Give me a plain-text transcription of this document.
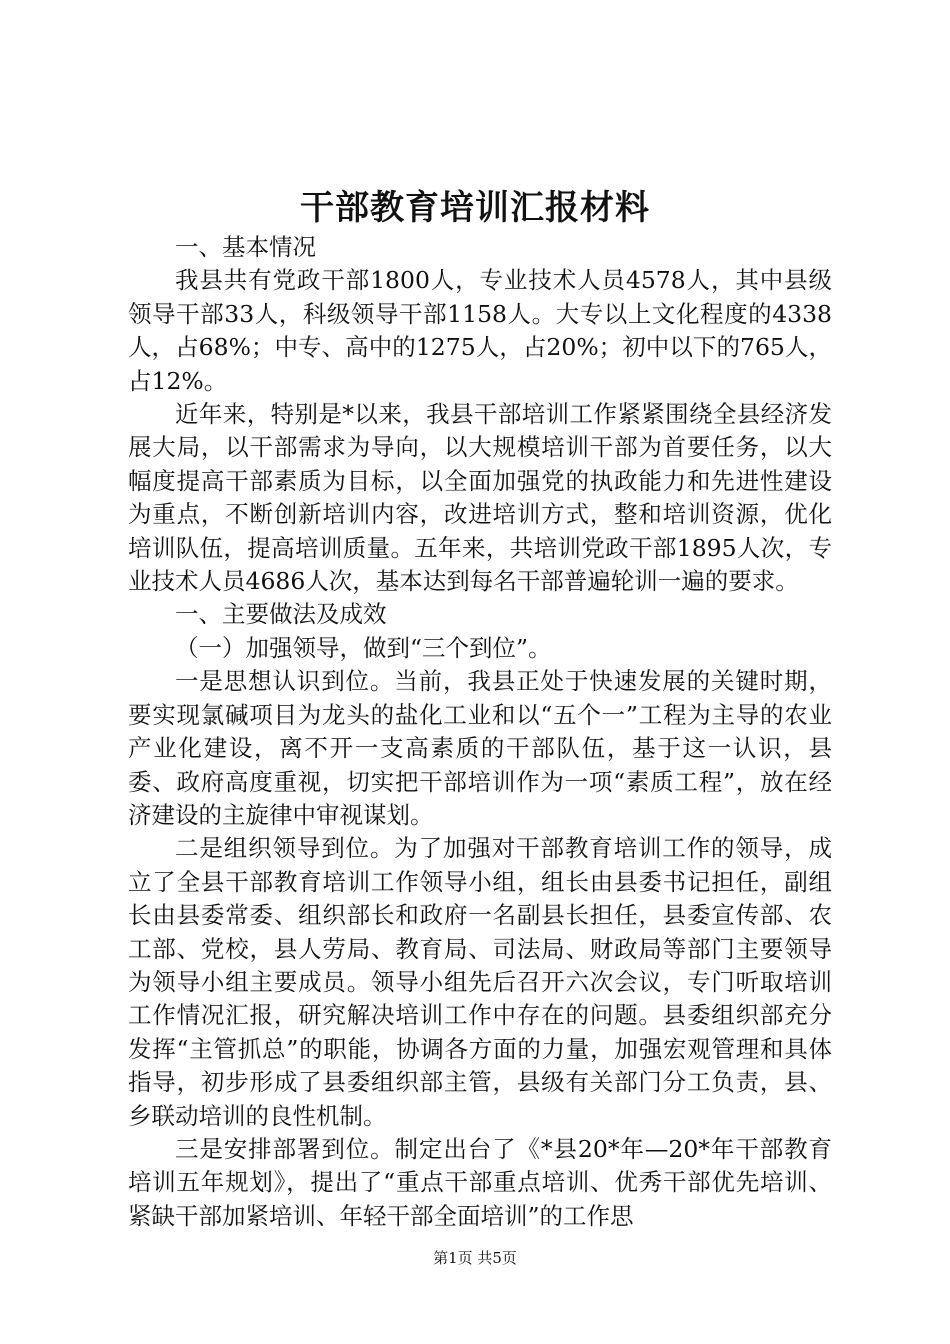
干部教育培训汇报材料

一、基本情况

我县共有党政干部1800人，专业技术人员4578人，其中县级领导干部33人，科级领导干部1158人。大专以上文化程度的4338人，占68%；中专、高中的1275人，占20%；初中以下的765人，占12%。

近年来，特别是*以来，我县干部培训工作紧紧围绕全县经济发展大局，以干部需求为导向，以大规模培训干部为首要任务，以大幅度提高干部素质为目标，以全面加强党的执政能力和先进性建设为重点，不断创新培训内容，改进培训方式，整和培训资源，优化培训队伍，提高培训质量。五年来，共培训党政干部1895人次，专业技术人员4686人次，基本达到每名干部普遍轮训一遍的要求。

一、主要做法及成效

（一）加强领导，做到“三个到位”。

一是思想认识到位。当前，我县正处于快速发展的关键时期，要实现氯碱项目为龙头的盐化工业和以“五个一”工程为主导的农业产业化建设，离不开一支高素质的干部队伍，基于这一认识，县委、政府高度重视，切实把干部培训作为一项“素质工程”，放在经济建设的主旋律中审视谋划。

二是组织领导到位。为了加强对干部教育培训工作的领导，成立了全县干部教育培训工作领导小组，组长由县委书记担任，副组长由县委常委、组织部长和政府一名副县长担任，县委宣传部、农工部、党校，县人劳局、教育局、司法局、财政局等部门主要领导为领导小组主要成员。领导小组先后召开六次会议，专门听取培训工作情况汇报，研究解决培训工作中存在的问题。县委组织部充分发挥“主管抓总”的职能，协调各方面的力量，加强宏观管理和具体指导，初步形成了县委组织部主管，县级有关部门分工负责，县、乡联动培训的良性机制。

三是安排部署到位。制定出台了《*县20*年—20*年干部教育培训五年规划》，提出了“重点干部重点培训、优秀干部优先培训、紧缺干部加紧培训、年轻干部全面培训”的工作思

第1页 共5页
